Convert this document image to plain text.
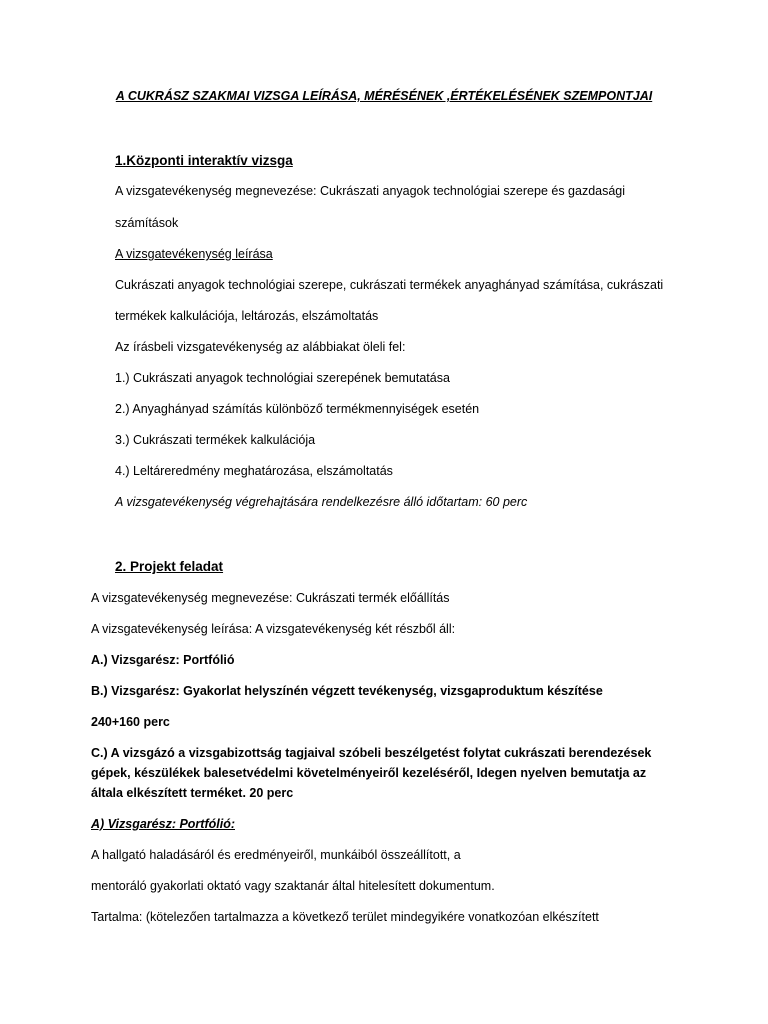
A CUKRÁSZ SZAKMAI VIZSGA LEÍRÁSA, MÉRÉSÉNEK ,ÉRTÉKELÉSÉNEK SZEMPONTJAI
1.Központi interaktív vizsga
A vizsgatevékenység megnevezése: Cukrászati anyagok technológiai szerepe és gazdasági
számítások
A vizsgatevékenység leírása
Cukrászati anyagok technológiai szerepe, cukrászati termékek anyaghányad számítása, cukrászati
termékek kalkulációja, leltározás, elszámoltatás
Az írásbeli vizsgatevékenység az alábbiakat öleli fel:
1.) Cukrászati anyagok technológiai szerepének bemutatása
2.) Anyaghányad számítás különböző termékmennyiségek esetén
3.) Cukrászati termékek kalkulációja
4.) Leltáreredmény meghatározása, elszámoltatás
A vizsgatevékenység végrehajtására rendelkezésre álló időtartam: 60 perc
2. Projekt feladat
A vizsgatevékenység megnevezése: Cukrászati termék előállítás
A vizsgatevékenység leírása: A vizsgatevékenység két részből áll:
A.) Vizsgarész: Portfólió
B.) Vizsgarész: Gyakorlat helyszínén végzett tevékenység, vizsgaproduktum készítése
240+160 perc
C.) A vizsgázó a vizsgabizottság tagjaival szóbeli beszélgetést folytat cukrászati berendezések
gépek, készülékek balesetvédelmi követelményeiről kezeléséről, Idegen nyelven bemutatja az
általa elkészített terméket. 20 perc
A) Vizsgarész: Portfólió:
A hallgató haladásáról és eredményeiről, munkáiból összeállított, a
mentoráló gyakorlati oktató vagy szaktanár által hitelesített dokumentum.
Tartalma: (kötelezően tartalmazza a következő terület mindegyikére vonatkozóan elkészített
